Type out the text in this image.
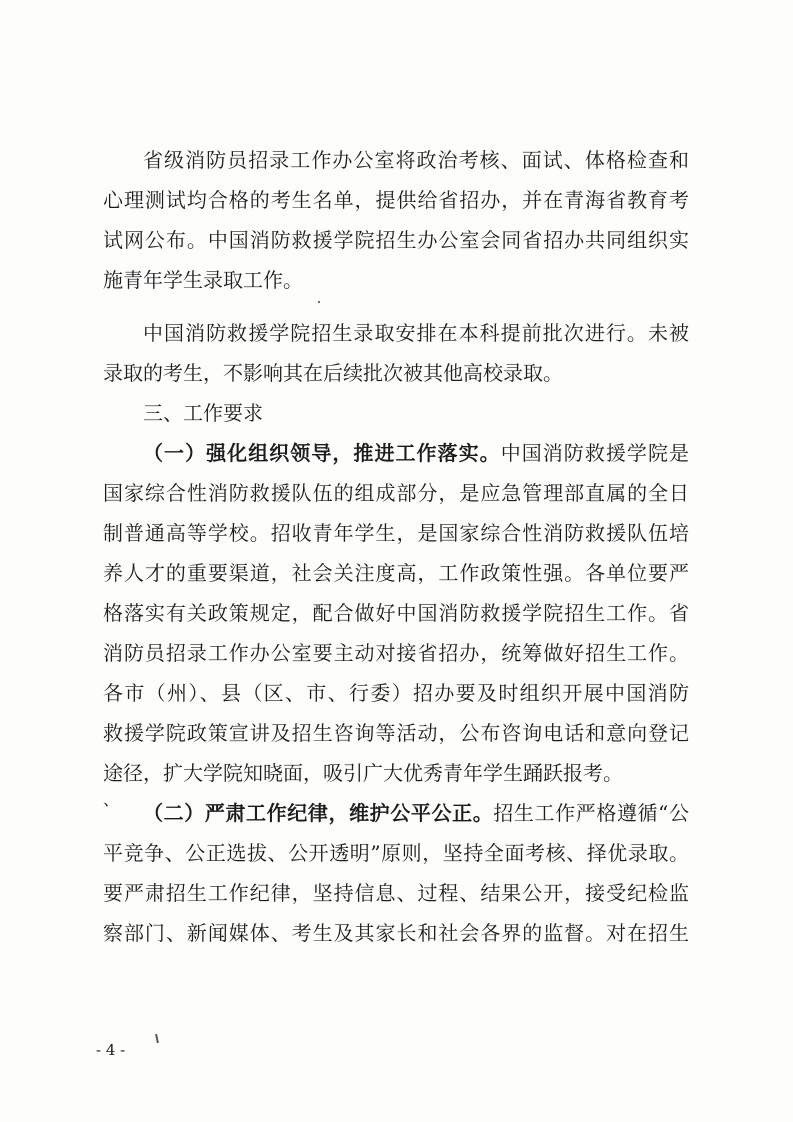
省级消防员招录工作办公室将政治考核、面试、体格检查和
心理测试均合格的考生名单，提供给省招办，并在青海省教育考
试网公布。中国消防救援学院招生办公室会同省招办共同组织实
施青年学生录取工作。
中国消防救援学院招生录取安排在本科提前批次进行。未被
录取的考生，不影响其在后续批次被其他高校录取。
三、工作要求
（一）强化组织领导，推进工作落实。中国消防救援学院是
国家综合性消防救援队伍的组成部分，是应急管理部直属的全日
制普通高等学校。招收青年学生，是国家综合性消防救援队伍培
养人才的重要渠道，社会关注度高，工作政策性强。各单位要严
格落实有关政策规定，配合做好中国消防救援学院招生工作。省
消防员招录工作办公室要主动对接省招办，统筹做好招生工作。
各市（州）、县（区、市、行委）招办要及时组织开展中国消防
救援学院政策宣讲及招生咨询等活动，公布咨询电话和意向登记
途径，扩大学院知晓面，吸引广大优秀青年学生踊跃报考。
、
（二）严肃工作纪律，维护公平公正。招生工作严格遵循“公
平竞争、公正选拔、公开透明”原则，坚持全面考核、择优录取。
要严肃招生工作纪律，坚持信息、过程、结果公开，接受纪检监
察部门、新闻媒体、考生及其家长和社会各界的监督。对在招生
- 4 -
